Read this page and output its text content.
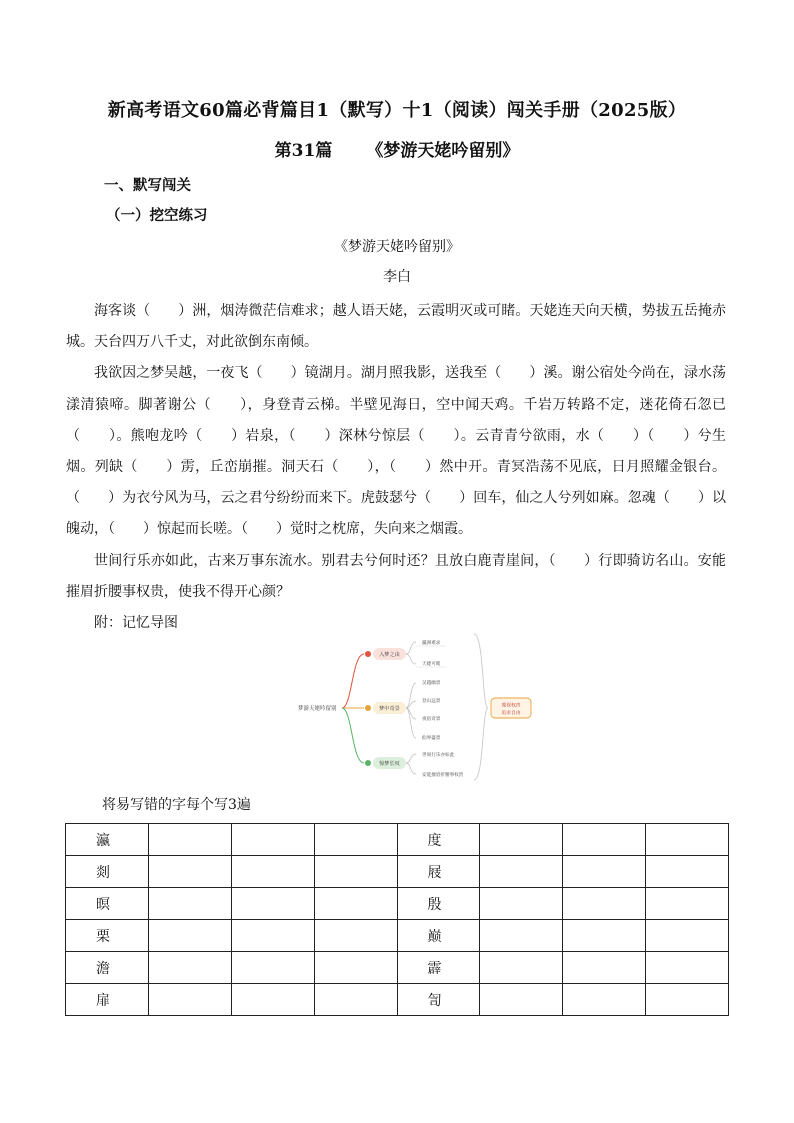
新高考语文60篇必背篇目1（默写）十1（阅读）闯关手册（2025版）
第31篇 《梦游天姥吟留别》
一、默写闯关
（一）挖空练习
《梦游天姥吟留别》
李白

海客谈（　　）洲，烟涛微茫信难求；越人语天姥，云霞明灭或可睹。天姥连天向天横，势拔五岳掩赤城。天台四万八千丈，对此欲倒东南倾。

我欲因之梦吴越，一夜飞（　　）镜湖月。湖月照我影，送我至（　　）溪。谢公宿处今尚在，渌水荡漾清猿啼。脚著谢公（　　），身登青云梯。半壁见海日，空中闻天鸡。千岩万转路不定，迷花倚石忽已（　　）。熊咆龙吟（　　）岩泉，（　　）深林兮惊层（　　）。云青青兮欲雨，水（　　）（　　）兮生烟。列缺（　　）雳，丘峦崩摧。洞天石（　　），（　　）然中开。青冥浩荡不见底，日月照耀金银台。（　　）为衣兮风为马，云之君兮纷纷而来下。虎鼓瑟兮（　　）回车，仙之人兮列如麻。忽魂（　　）以魄动，（　　）惊起而长嗟。（　　）觉时之枕席，失向来之烟霞。

世间行乐亦如此，古来万事东流水。别君去兮何时还？且放白鹿青崖间，（　　）行即骑访名山。安能摧眉折腰事权贵，使我不得开心颜？

附：记忆导图

梦游天姥吟留别
入梦之由
瀛洲难求
天姥可睹
梦中奇景
吴越幽景
登山远景
夜宿奇景
仙界盛景
惊梦长叹
世间行乐亦如此
安能摧眉折腰事权贵
蔑视权贵
追求自由
将易写错的字每个写3遍
瀛				度			
剡				屐			
暝				殷			
栗				巅			
澹				霹			
扉				訇			
